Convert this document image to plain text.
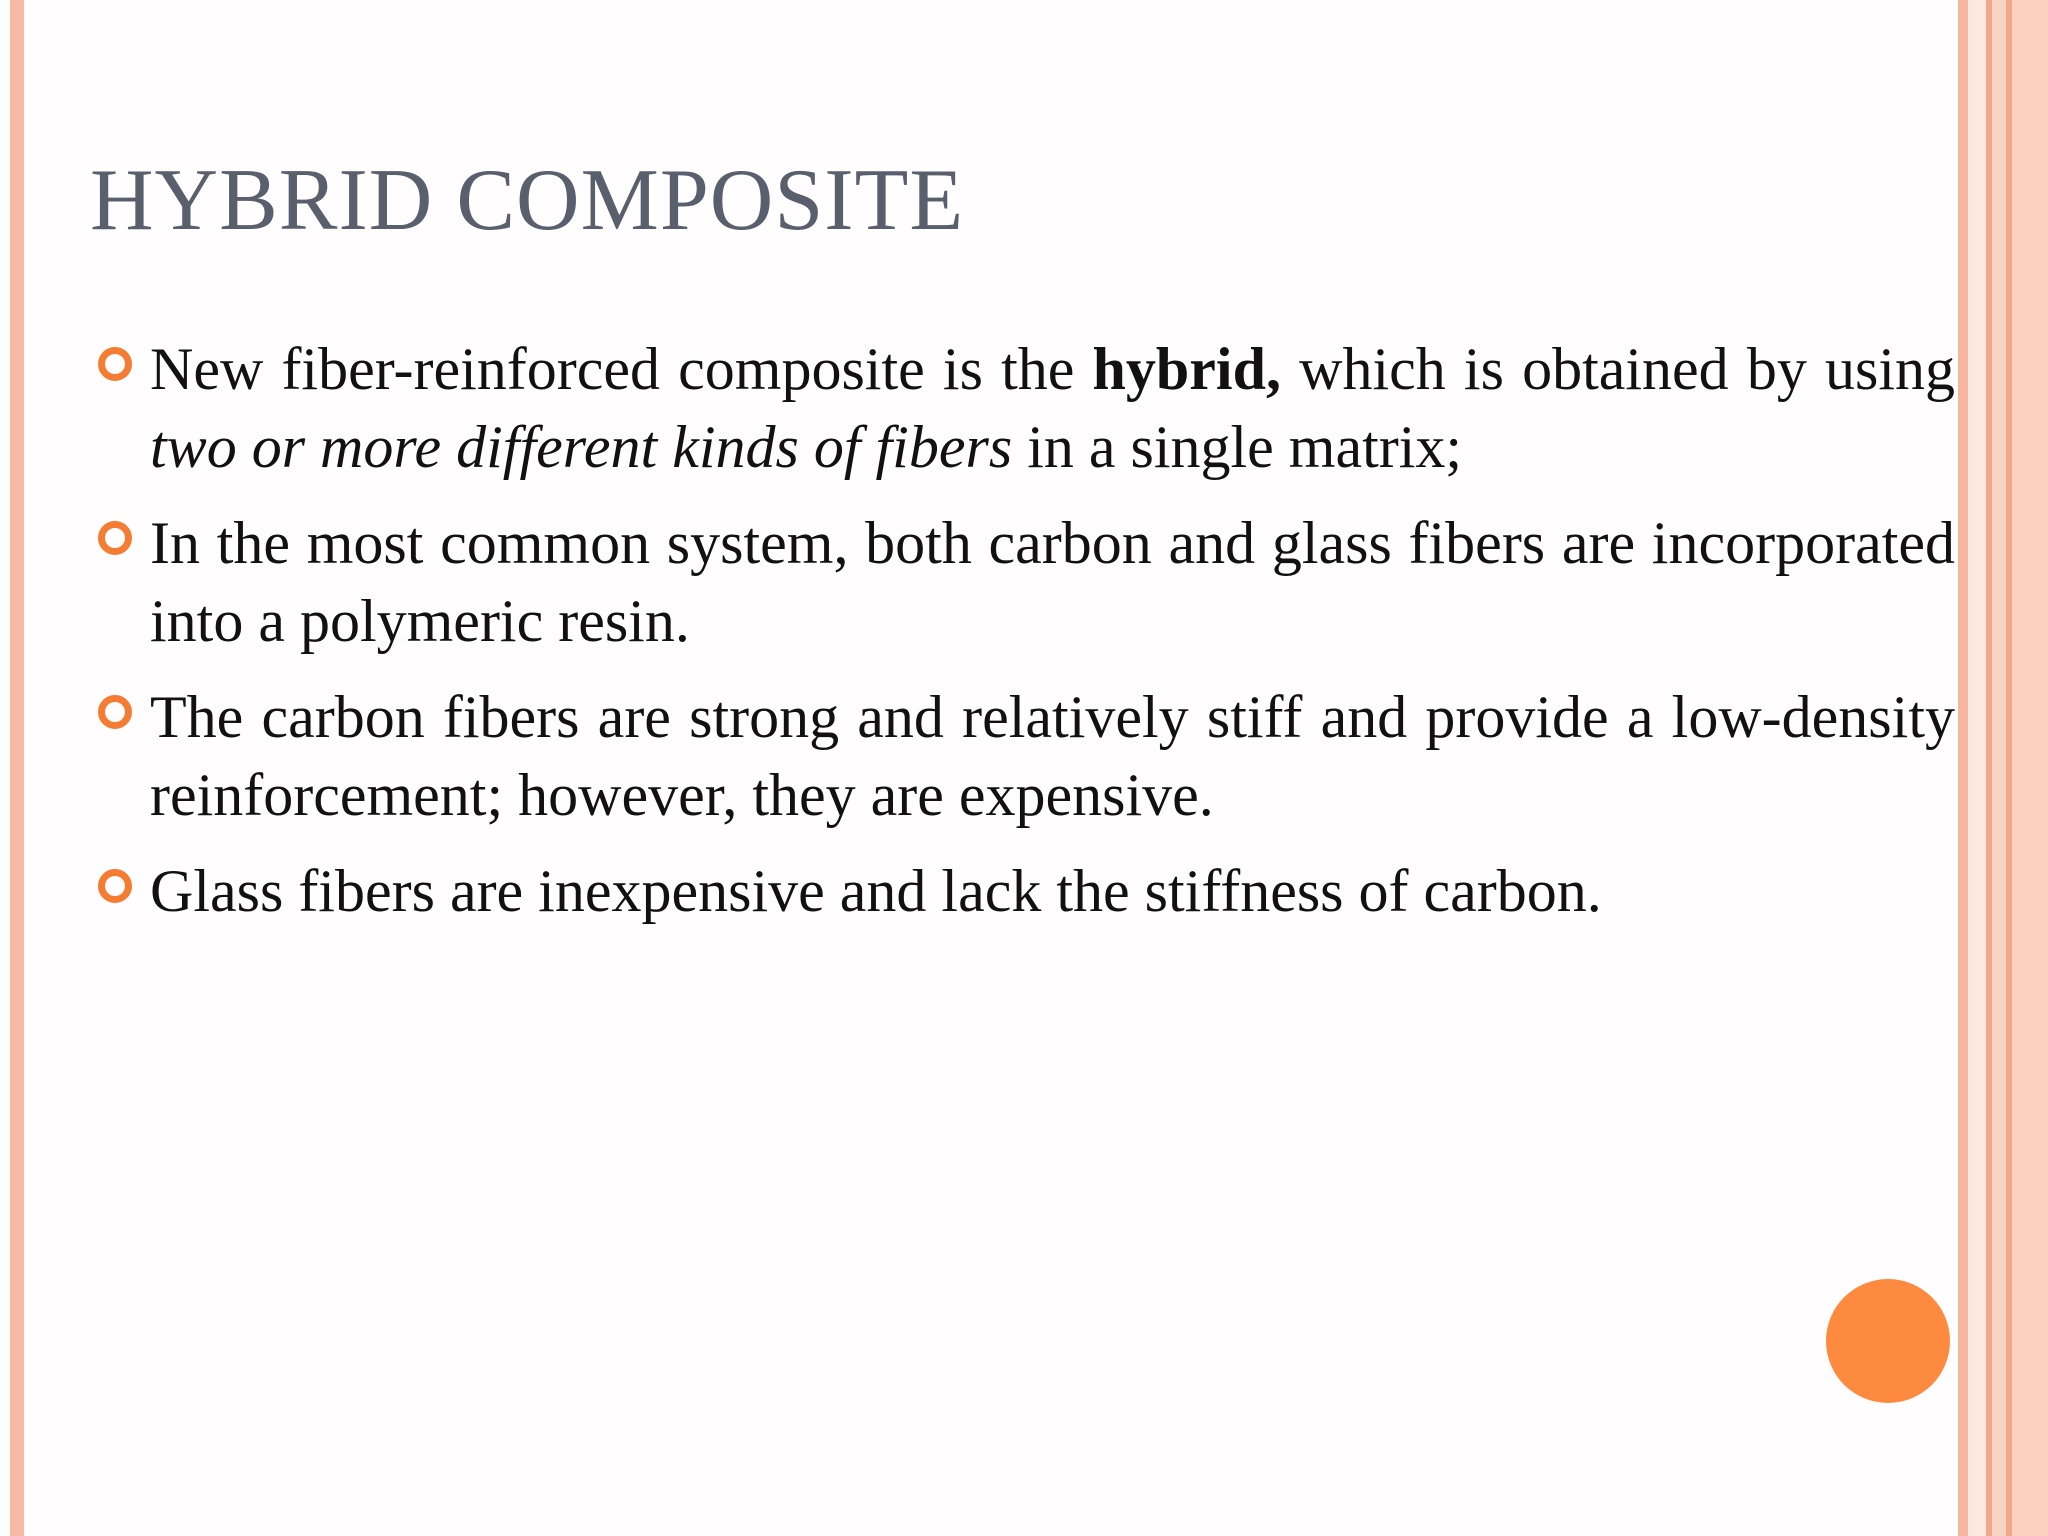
HYBRID COMPOSITE
New fiber-reinforced composite is the hybrid, which is obtained by using two or more different kinds of fibers in a single matrix;
In the most common system, both carbon and glass fibers are incorporated into a polymeric resin.
The carbon fibers are strong and relatively stiff and provide a low-density reinforcement; however, they are expensive.
Glass fibers are inexpensive and lack the stiffness of carbon.
